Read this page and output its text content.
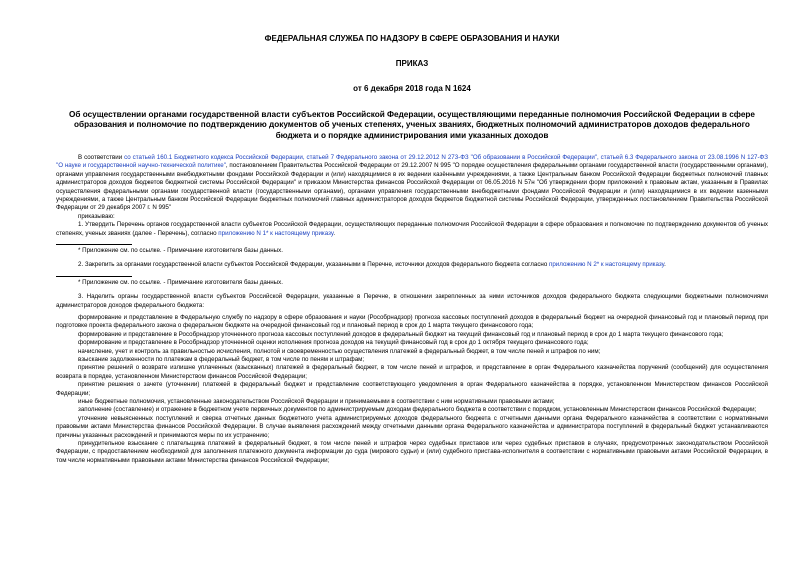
ФЕДЕРАЛЬНАЯ СЛУЖБА ПО НАДЗОРУ В СФЕРЕ ОБРАЗОВАНИЯ И НАУКИ
ПРИКАЗ
от 6 декабря 2018 года N 1624
Об осуществлении органами государственной власти субъектов Российской Федерации, осуществляющими переданные полномочия Российской Федерации в сфере образования и полномочие по подтверждению документов об ученых степенях, ученых званиях, бюджетных полномочий администраторов доходов федерального бюджета и о порядке администрирования ими указанных доходов

В соответствии со статьей 160.1 Бюджетного кодекса Российской Федерации, статьей 7 Федерального закона от 29.12.2012 N 273-ФЗ "Об образовании в Российской Федерации", статьей 6.3 Федерального закона от 23.08.1996 N 127-ФЗ "О науке и государственной научно-технической политике", постановлением Правительства Российской Федерации от 29.12.2007 N 995 "О порядке осуществления федеральными органами государственной власти (государственными органами), органами управления государственными внебюджетными фондами Российской Федерации и (или) находящимися в их ведении казёнными учреждениями, а также Центральным банком Российской Федерации бюджетных полномочий главных администраторов доходов бюджетов бюджетной системы Российской Федерации" и приказом Министерства финансов Российской Федерации от 06.05.2016 N 57н "Об утверждении форм приложений к правовым актам, указанным в Правилах осуществления федеральными органами государственной власти (государственными органами), органами управления государственными внебюджетными фондами Российской Федерации и (или) находящимися в их ведении казенными учреждениями, а также Центральным банком Российской Федерации бюджетных полномочий главных администраторов доходов бюджетов бюджетной системы Российской Федерации, утвержденных постановлением Правительства Российской Федерации от 29 декабря 2007 г. N 995"

приказываю:

1. Утвердить Перечень органов государственной власти субъектов Российской Федерации, осуществляющих переданные полномочия Российской Федерации в сфере образования и полномочие по подтверждению документов об ученых степенях, ученых званиях (далее - Перечень), согласно приложению N 1* к настоящему приказу.

* Приложение см. по ссылке. - Примечание изготовителя базы данных.

2. Закрепить за органами государственной власти субъектов Российской Федерации, указанными в Перечне, источники доходов федерального бюджета согласно приложению N 2* к настоящему приказу.

* Приложение см. по ссылке. - Примечание изготовителя базы данных.

3. Наделить органы государственной власти субъектов Российской Федерации, указанные в Перечне, в отношении закрепленных за ними источников доходов федерального бюджета следующими бюджетными полномочиями администраторов доходов федерального бюджета:

формирование и представление в Федеральную службу по надзору в сфере образования и науки (Рособрнадзор) прогноза кассовых поступлений доходов в федеральный бюджет на очередной финансовый год и плановый период при подготовке проекта федерального закона о федеральном бюджете на очередной финансовый год и плановый период в срок до 1 марта текущего финансового года;

формирование и представление в Рособрнадзор уточненного прогноза кассовых поступлений доходов в федеральный бюджет на текущий финансовый год и плановый период в срок до 1 марта текущего финансового года;

формирование и представление в Рособрнадзор уточненной оценки исполнения прогноза доходов на текущий финансовый год в срок до 1 октября текущего финансового года;

начисление, учет и контроль за правильностью исчисления, полнотой и своевременностью осуществления платежей в федеральный бюджет, в том числе пеней и штрафов по ним;

взыскание задолженности по платежам в федеральный бюджет, в том числе по пеням и штрафам;

принятие решений о возврате излишне уплаченных (взысканных) платежей в федеральный бюджет, в том числе пеней и штрафов, и представление в орган Федерального казначейства поручений (сообщений) для осуществления возврата в порядке, установленном Министерством финансов Российской Федерации;

принятие решения о зачете (уточнении) платежей в федеральный бюджет и представление соответствующего уведомления в орган Федерального казначейства в порядке, установленном Министерством финансов Российской Федерации;

иные бюджетные полномочия, установленные законодательством Российской Федерации и принимаемыми в соответствии с ним нормативными правовыми актами;

заполнение (составление) и отражение в бюджетном учете первичных документов по администрируемым доходам федерального бюджета в соответствии с порядком, установленным Министерством финансов Российской Федерации;

уточнение невыясненных поступлений и сверка отчетных данных бюджетного учета администрируемых доходов федерального бюджета с отчетными данными органа Федерального казначейства в соответствии с нормативными правовыми актами Министерства финансов Российской Федерации. В случае выявления расхождений между отчетными данными органа Федерального казначейства и администратора поступлений в федеральный бюджет устанавливаются причины указанных расхождений и принимаются меры по их устранению;

принудительное взыскание с плательщика платежей в федеральный бюджет, в том числе пеней и штрафов через судебных приставов или через судебных приставов в случаях, предусмотренных законодательством Российской Федерации, с предоставлением необходимой для заполнения платежного документа информации до суда (мирового судьи) и (или) судебного пристава-исполнителя в соответствии с нормативными правовыми актами Российской Федерации, в том числе нормативными правовыми актами Министерства финансов Российской Федерации;
